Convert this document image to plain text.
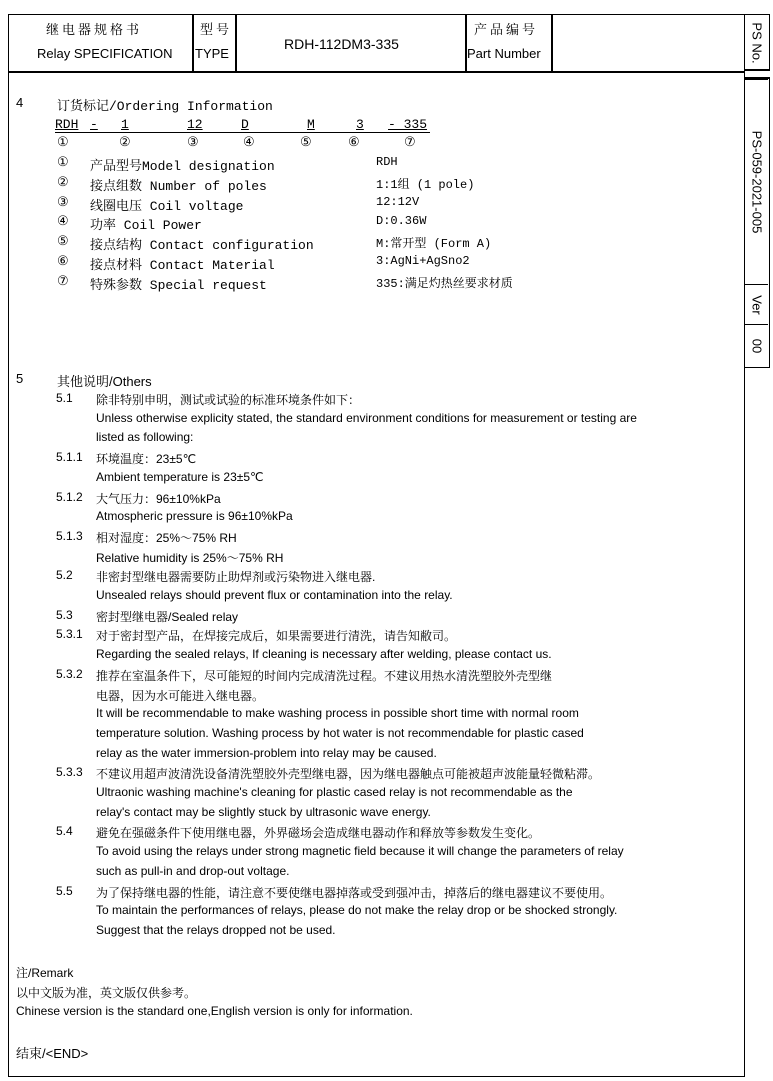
继电器规格书
Relay SPECIFICATION
型号
TYPE
RDH-112DM3-335
产品编号
Part Number	PS No.
PS-059-2021-005
Ver
00
4	订货标记/Ordering Information
RDH - 1	12	D	M	3 - 335
①	②	③	④	⑤	⑥	⑦
① 产品型号Model designation	RDH
② 接点组数 Number of poles	1:1组 (1 pole)
③ 线圈电压 Coil voltage	12:12V
④ 功率 Coil Power	D:0.36W
⑤ 接点结构 Contact configuration	M:常开型 (Form A)
⑥ 接点材料 Contact Material	3:AgNi+AgSno2
⑦ 特殊参数 Special request	335:满足灼热丝要求材质
5	其他说明/Others
5.1 除非特别申明，测试或试验的标准环境条件如下：
Unless otherwise explicity stated, the standard environment conditions for measurement or testing are
listed as following:
5.1.1 环境温度：23±5℃
Ambient temperature is 23±5℃
5.1.2 大气压力：96±10%kPa
Atmospheric pressure is 96±10%kPa
5.1.3 相对湿度：25%～75% RH
Relative humidity is 25%～75% RH
5.2 非密封型继电器需要防止助焊剂或污染物进入继电器.
Unsealed relays should prevent flux or contamination into the relay.
5.3 密封型继电器/Sealed relay
5.3.1 对于密封型产品，在焊接完成后，如果需要进行清洗，请告知敝司。
Regarding the sealed relays, If cleaning is necessary after welding, please contact us.
5.3.2 推荐在室温条件下，尽可能短的时间内完成清洗过程。不建议用热水清洗塑胶外壳型继
电器，因为水可能进入继电器。
It will be recommendable to make washing process in possible short time with normal room
temperature solution. Washing process by hot water is not recommendable for plastic cased
relay as the water immersion-problem into relay may be caused.
5.3.3 不建议用超声波清洗设备清洗塑胶外壳型继电器，因为继电器触点可能被超声波能量轻微粘滞。
Ultraonic washing machine's cleaning for plastic cased relay is not recommendable as the
relay's contact may be slightly stuck by ultrasonic wave energy.
5.4 避免在强磁条件下使用继电器，外界磁场会造成继电器动作和释放等参数发生变化。
To avoid using the relays under strong magnetic field because it will change the parameters of relay
such as pull-in and drop-out voltage.
5.5 为了保持继电器的性能，请注意不要使继电器掉落或受到强冲击，掉落后的继电器建议不要使用。
To maintain the performances of relays, please do not make the relay drop or be shocked strongly.
Suggest that the relays dropped not be used.
注/Remark
以中文版为准，英文版仅供参考。
Chinese version is the standard one,English version is only for information.
结束/<END>
